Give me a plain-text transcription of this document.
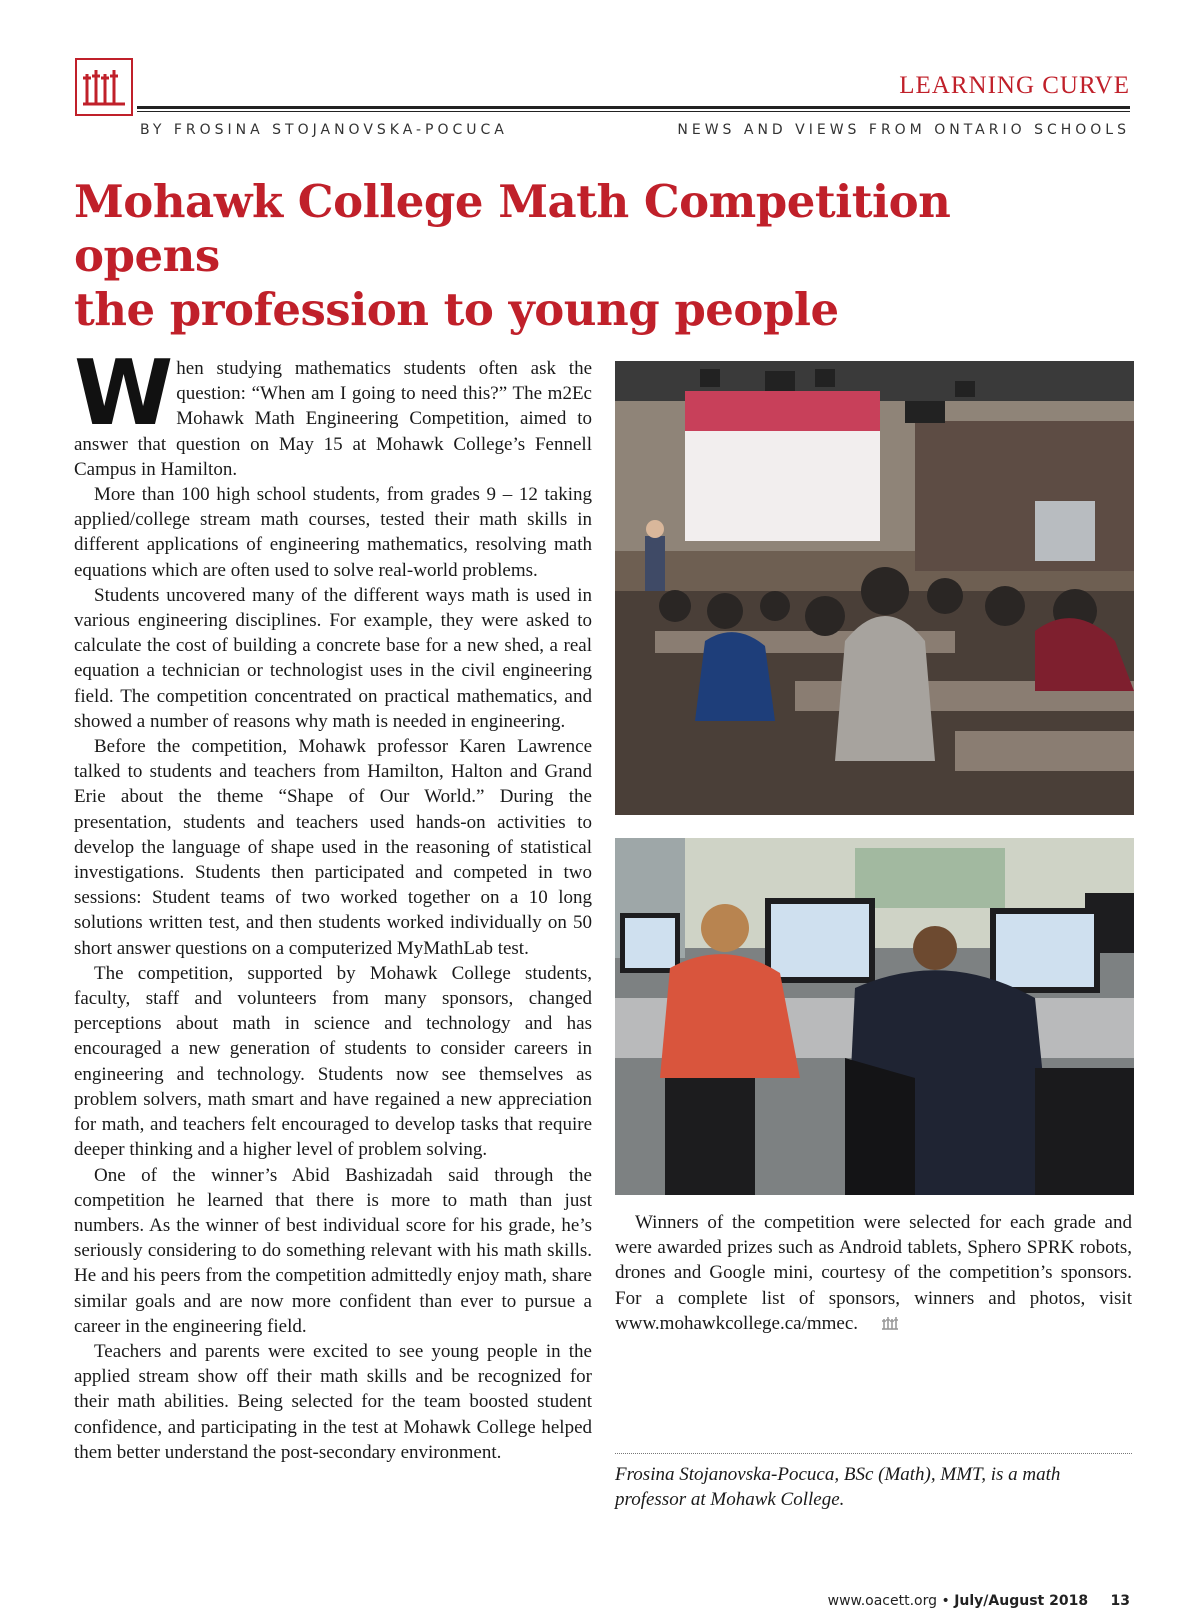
LEARNING CURVE
BY FROSINA STOJANOVSKA-POCUCA	NEWS AND VIEWS FROM ONTARIO SCHOOLS
Mohawk College Math Competition opens
the profession to young people

When studying mathematics students often ask the question: “When am I going to need this?” The m2Ec Mohawk Math Engineering Competition, aimed to answer that question on May 15 at Mohawk College’s Fennell Campus in Hamilton.

More than 100 high school students, from grades 9 – 12 taking applied/college stream math courses, tested their math skills in different applications of engineering mathematics, resolving math equations which are often used to solve real-world problems.

Students uncovered many of the different ways math is used in various engineering disciplines. For example, they were asked to calculate the cost of building a concrete base for a new shed, a real equation a technician or technologist uses in the civil engineering field. The competition concentrated on practical mathematics, and showed a number of reasons why math is needed in engineering.

Before the competition, Mohawk professor Karen Lawrence talked to students and teachers from Hamilton, Halton and Grand Erie about the theme “Shape of Our World.” During the presentation, students and teachers used hands-on activities to develop the language of shape used in the reasoning of statistical investigations. Students then participated and competed in two sessions: Student teams of two worked together on a 10 long solutions written test, and then students worked individually on 50 short answer questions on a computerized MyMathLab test.

The competition, supported by Mohawk College students, faculty, staff and volunteers from many sponsors, changed perceptions about math in science and technology and has encouraged a new generation of students to consider careers in engineering and technology. Students now see themselves as problem solvers, math smart and have regained a new appreciation for math, and teachers felt encouraged to develop tasks that require deeper thinking and a higher level of problem solving.

One of the winner’s Abid Bashizadah said through the competition he learned that there is more to math than just numbers. As the winner of best individual score for his grade, he’s seriously considering to do something relevant with his math skills. He and his peers from the competition admittedly enjoy math, share similar goals and are now more confident than ever to pursue a career in the engineering field.

Teachers and parents were excited to see young people in the applied stream show off their math skills and be recognized for their math abilities. Being selected for the team boosted student confidence, and participating in the test at Mohawk College helped them better understand the post-secondary environment.

Winners of the competition were selected for each grade and were awarded prizes such as Android tablets, Sphero SPRK robots, drones and Google mini, courtesy of the competition’s sponsors. For a complete list of sponsors, winners and photos, visit www.mohawkcollege.ca/mmec.

Frosina Stojanovska-Pocuca, BSc (Math), MMT, is a math professor at Mohawk College.

www.oacett.org • July/August 2018 13
